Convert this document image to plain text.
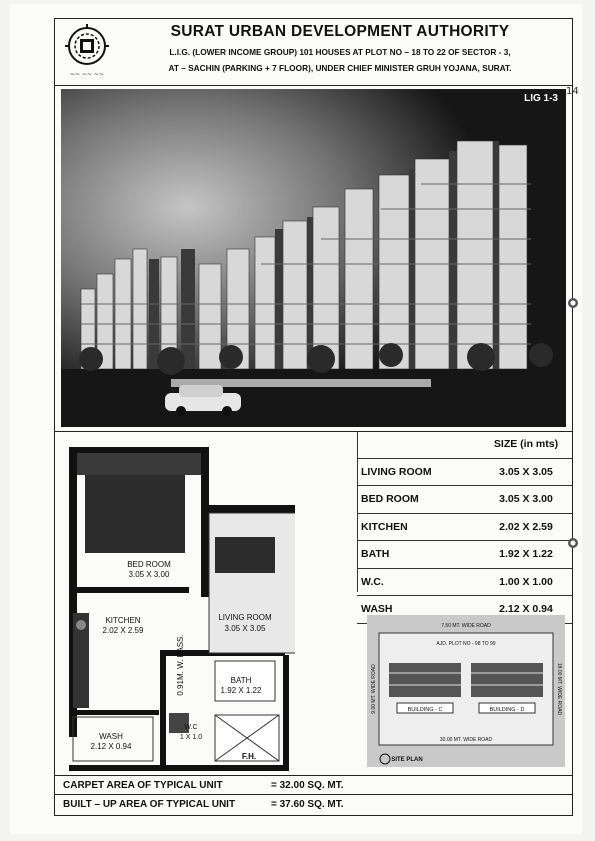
~~ ~~ ~~
SURAT URBAN DEVELOPMENT AUTHORITY
L.I.G. (LOWER INCOME GROUP) 101 HOUSES AT PLOT NO – 18 TO 22 OF SECTOR - 3,
AT – SACHIN (PARKING + 7 FLOOR), UNDER CHIEF MINISTER GRUH YOJANA, SURAT.
LIG 1-3
BED ROOM
3.05 X 3.00
KITCHEN
2.02 X 2.59
LIVING ROOM
3.05 X 3.05
BATH
1.92 X 1.22
W.C
1 X 1.0
WASH
2.12 X 0.94
F.H.
0.91M. W. PASS.
SIZE (in mts)
LIVING ROOM	3.05 X 3.05
BED ROOM	3.05 X 3.00
KITCHEN	2.02 X 2.59
BATH	1.92 X 1.22
W.C.	1.00 X 1.00
WASH	2.12 X 0.94
7.50 MT. WIDE ROAD
AJD. PLOT NO - 98 TO 99
BUILDING - C	BUILDING - D
30.00 MT. WIDE ROAD
9.00 MT. WIDE ROAD	18.00 MT. WIDE ROAD
SITE PLAN
CARPET AREA OF TYPICAL UNIT	= 32.00 SQ. MT.
BUILT – UP AREA OF TYPICAL UNIT	= 37.60 SQ. MT.
14
